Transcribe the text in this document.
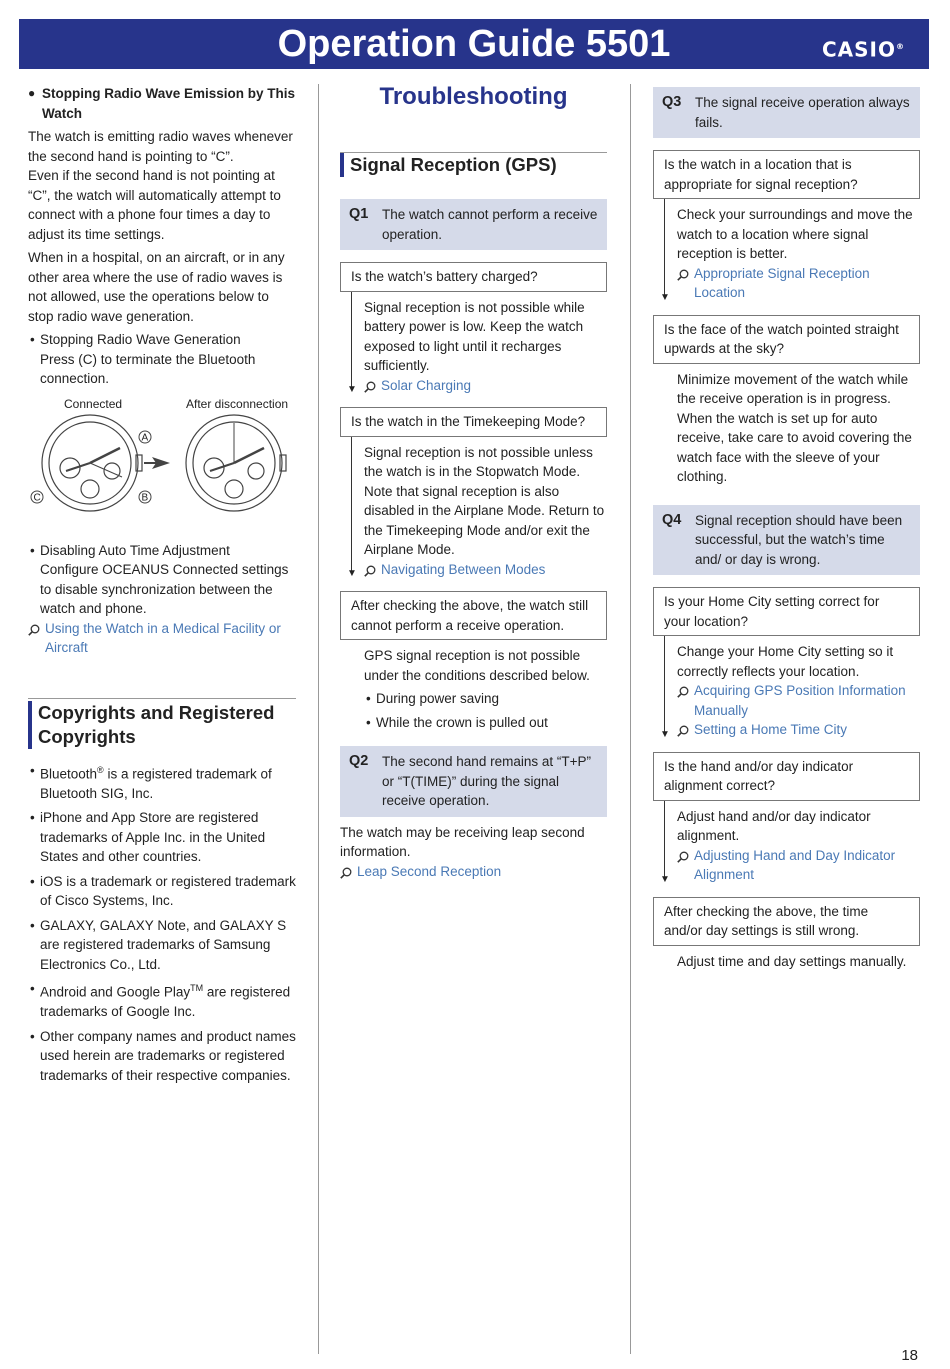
Operation Guide 5501	CASIO®

● Stopping Radio Wave Emission by This Watch

The watch is emitting radio waves whenever the second hand is pointing to “C”.

Even if the second hand is not pointing at “C”, the watch will automatically attempt to connect with a phone four times a day to adjust its time settings.

When in a hospital, on an aircraft, or in any other area where the use of radio waves is not allowed, use the operations below to stop radio wave generation.

• Stopping Radio Wave Generation
Press (C) to terminate the Bluetooth connection.
Connected	After disconnection
A
B
C
• Disabling Auto Time Adjustment
Configure OCEANUS Connected settings to disable synchronization between the watch and phone.
Using the Watch in a Medical Facility or Aircraft
Copyrights and Registered Copyrights
• Bluetooth® is a registered trademark of Bluetooth SIG, Inc.
• iPhone and App Store are registered trademarks of Apple Inc. in the United States and other countries.
• iOS is a trademark or registered trademark of Cisco Systems, Inc.
• GALAXY, GALAXY Note, and GALAXY S are registered trademarks of Samsung Electronics Co., Ltd.
• Android and Google Play™ are registered trademarks of Google Inc.
• Other company names and product names used herein are trademarks or registered trademarks of their respective companies.
Troubleshooting
Signal Reception (GPS)
Q1 The watch cannot perform a receive operation.
Is the watch’s battery charged?
▼

Signal reception is not possible while battery power is low. Keep the watch exposed to light until it recharges sufficiently.

Solar Charging
Is the watch in the Timekeeping Mode?
▼

Signal reception is not possible unless the watch is in the Stopwatch Mode. Note that signal reception is also disabled in the Airplane Mode. Return to the Timekeeping Mode and/or exit the Airplane Mode.

Navigating Between Modes
After checking the above, the watch still cannot perform a receive operation.

GPS signal reception is not possible under the conditions described below.

• During power saving
• While the crown is pulled out
Q2 The second hand remains at “T+P” or “T(TIME)” during the signal receive operation.

The watch may be receiving leap second information.

Leap Second Reception
Q3 The signal receive operation always fails.
Is the watch in a location that is appropriate for signal reception?
▼

Check your surroundings and move the watch to a location where signal reception is better.

Appropriate Signal Reception Location
Is the face of the watch pointed straight upwards at the sky?

Minimize movement of the watch while the receive operation is in progress.

When the watch is set up for auto receive, take care to avoid covering the watch face with the sleeve of your clothing.

Q4 Signal reception should have been successful, but the watch’s time and/ or day is wrong.
Is your Home City setting correct for your location?
▼

Change your Home City setting so it correctly reflects your location.

Acquiring GPS Position Information Manually
Setting a Home Time City
Is the hand and/or day indicator alignment correct?
▼

Adjust hand and/or day indicator alignment.

Adjusting Hand and Day Indicator Alignment
After checking the above, the time and/or day settings is still wrong.

Adjust time and day settings manually.

18
